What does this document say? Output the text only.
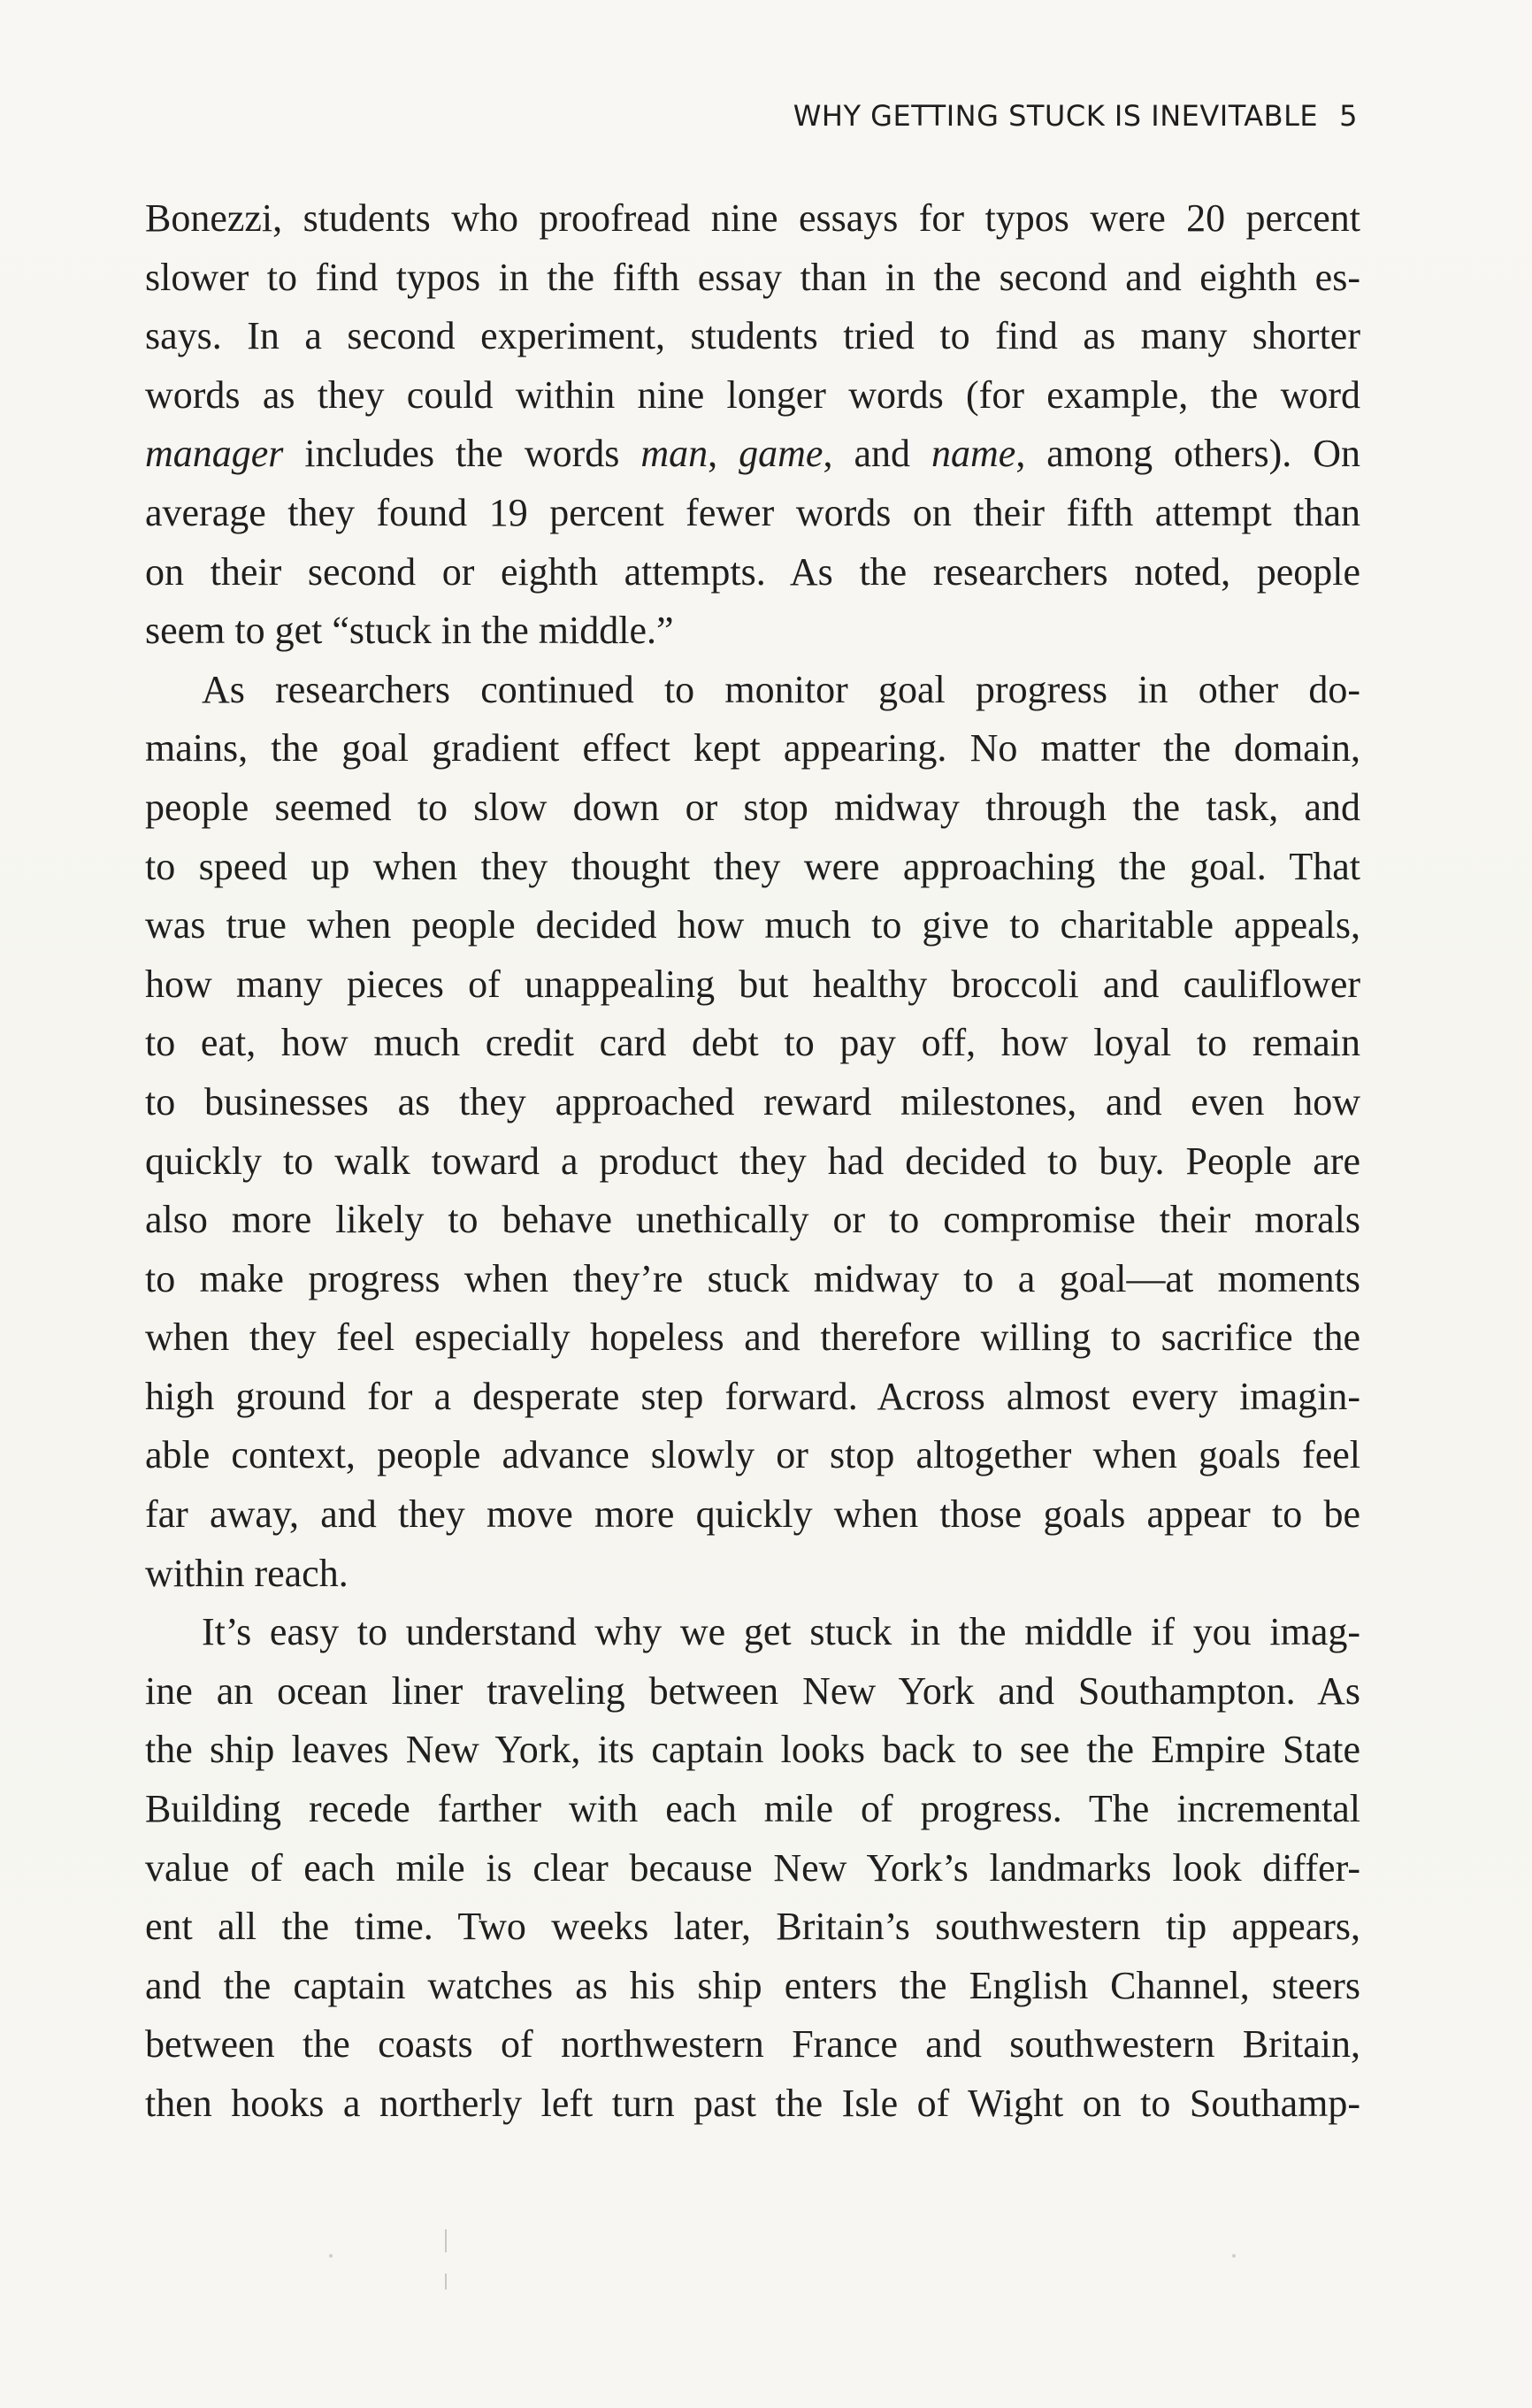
WHY GETTING STUCK IS INEVITABLE 5
Bonezzi, students who proofread nine essays for typos were 20 percent
slower to find typos in the fifth essay than in the second and eighth es-
says. In a second experiment, students tried to find as many shorter
words as they could within nine longer words (for example, the word
manager includes the words man, game, and name, among others). On
average they found 19 percent fewer words on their fifth attempt than
on their second or eighth attempts. As the researchers noted, people
seem to get “stuck in the middle.”
As researchers continued to monitor goal progress in other do-
mains, the goal gradient effect kept appearing. No matter the domain,
people seemed to slow down or stop midway through the task, and
to speed up when they thought they were approaching the goal. That
was true when people decided how much to give to charitable appeals,
how many pieces of unappealing but healthy broccoli and cauliflower
to eat, how much credit card debt to pay off, how loyal to remain
to businesses as they approached reward milestones, and even how
quickly to walk toward a product they had decided to buy. People are
also more likely to behave unethically or to compromise their morals
to make progress when they’re stuck midway to a goal—at moments
when they feel especially hopeless and therefore willing to sacrifice the
high ground for a desperate step forward. Across almost every imagin-
able context, people advance slowly or stop altogether when goals feel
far away, and they move more quickly when those goals appear to be
within reach.
It’s easy to understand why we get stuck in the middle if you imag-
ine an ocean liner traveling between New York and Southampton. As
the ship leaves New York, its captain looks back to see the Empire State
Building recede farther with each mile of progress. The incremental
value of each mile is clear because New York’s landmarks look differ-
ent all the time. Two weeks later, Britain’s southwestern tip appears,
and the captain watches as his ship enters the English Channel, steers
between the coasts of northwestern France and southwestern Britain,
then hooks a northerly left turn past the Isle of Wight on to Southamp-
